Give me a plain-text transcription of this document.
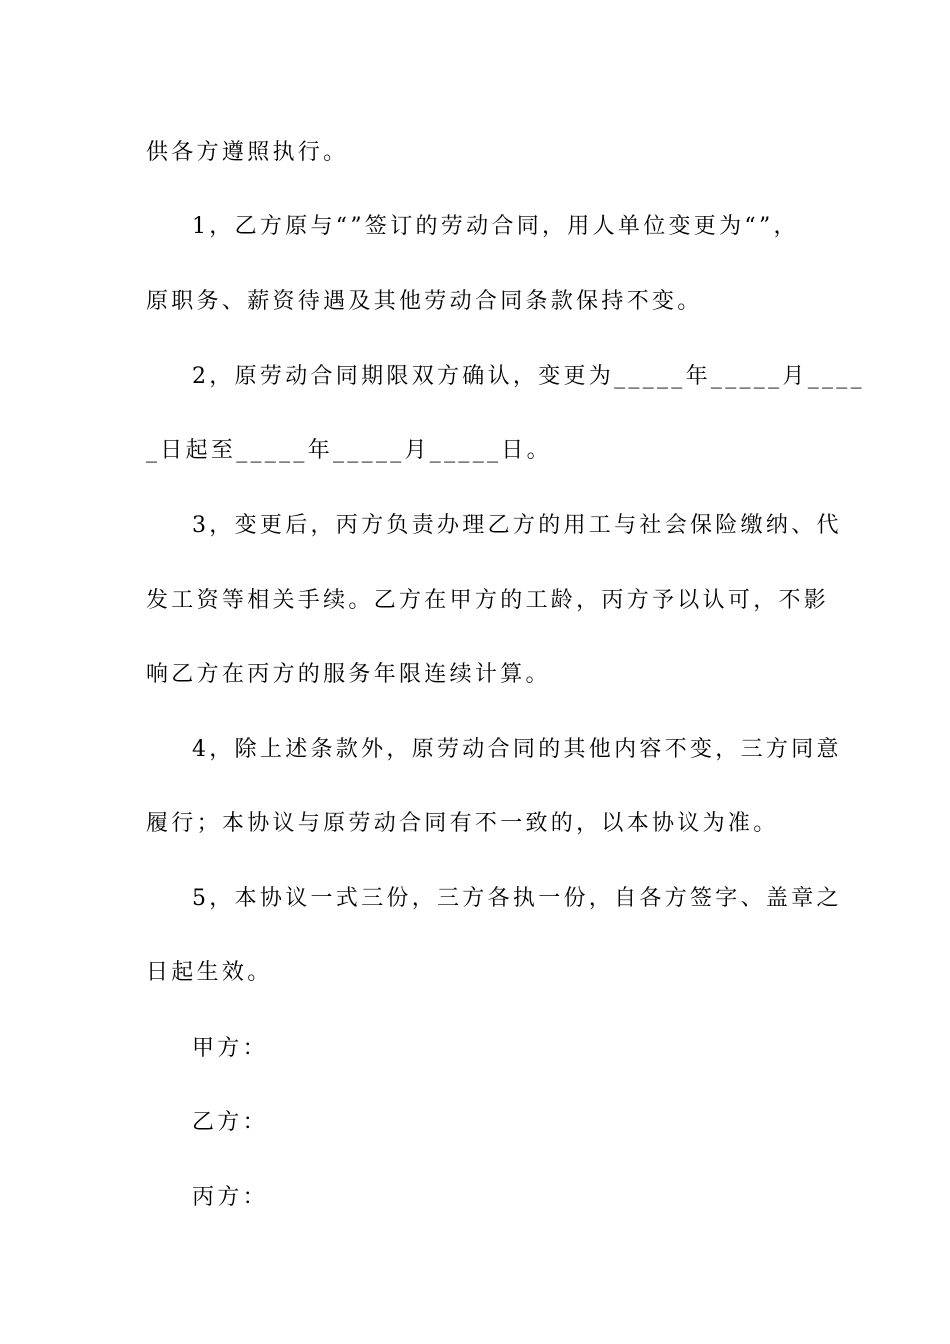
供各方遵照执行。
1，乙方原与“”签订的劳动合同，用人单位变更为“”，
原职务、薪资待遇及其他劳动合同条款保持不变。
2，原劳动合同期限双方确认，变更为_____年_____月____
_日起至_____年_____月_____日。
3，变更后，丙方负责办理乙方的用工与社会保险缴纳、代
发工资等相关手续。乙方在甲方的工龄，丙方予以认可，不影
响乙方在丙方的服务年限连续计算。
4，除上述条款外，原劳动合同的其他内容不变，三方同意
履行；本协议与原劳动合同有不一致的，以本协议为准。
5，本协议一式三份，三方各执一份，自各方签字、盖章之
日起生效。
甲方：
乙方：
丙方：
